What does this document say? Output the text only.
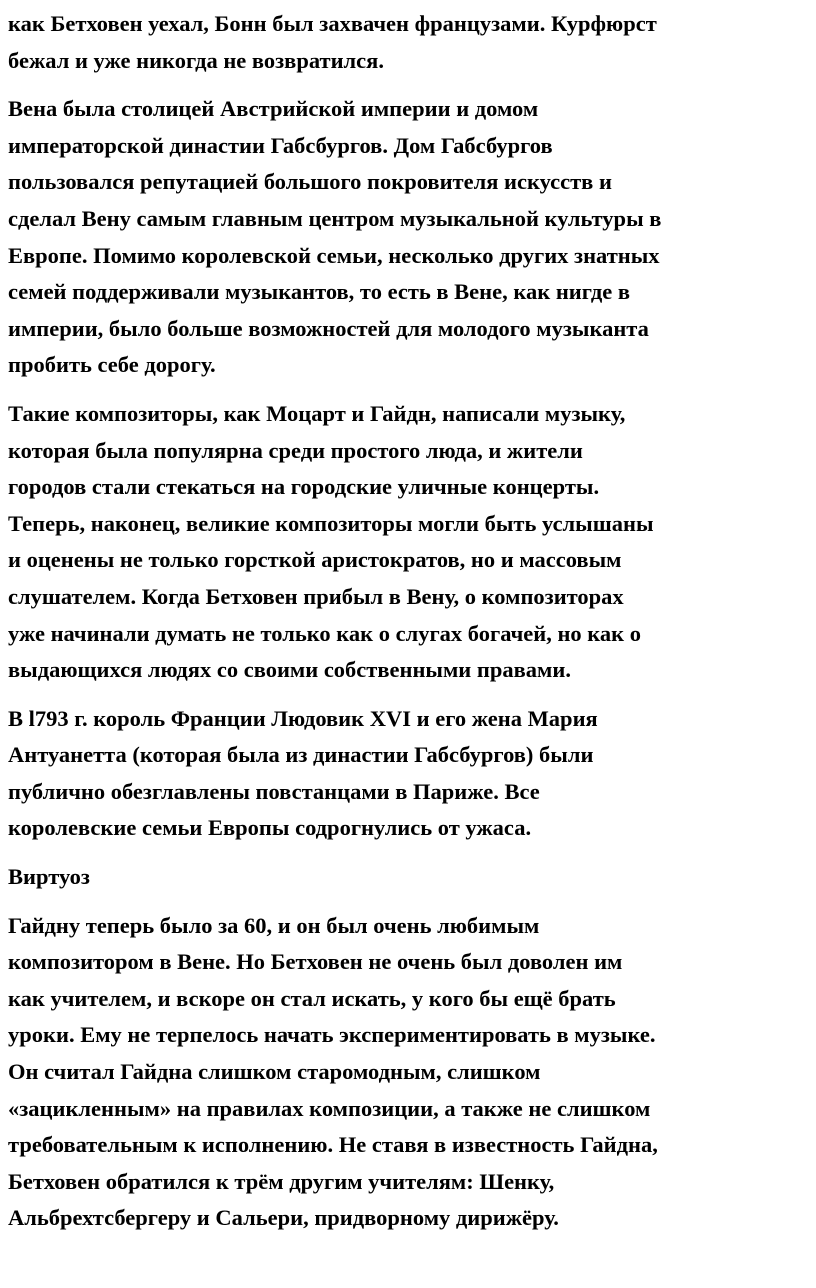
как Бетховен уехал, Бонн был захвачен французами. Курфюрст
бежал и уже никогда не возвратился.

Вена была столицей Австрийской империи и домом
императорской династии Габсбургов. Дом Габсбургов
пользовался репутацией большого покровителя искусств и
сделал Вену самым главным центром музыкальной культуры в
Европе. Помимо королевской семьи, несколько других знатных
семей поддерживали музыкантов, то есть в Вене, как нигде в
империи, было больше возможностей для молодого музыканта
пробить себе дорогу.

Такие композиторы, как Моцарт и Гайдн, написали музыку,
которая была популярна среди простого люда, и жители
городов стали стекаться на городские уличные концерты.
Теперь, наконец, великие композиторы могли быть услышаны
и оценены не только горсткой аристократов, но и массовым
слушателем. Когда Бетховен прибыл в Вену, о композиторах
уже начинали думать не только как о слугах богачей, но как о
выдающихся людях со своими собственными правами.

В l793 г. король Франции Людовик XVI и его жена Мария
Антуанетта (которая была из династии Габсбургов) были
публично обезглавлены повстанцами в Париже. Все
королевские семьи Европы содрогнулись от ужаса.

Виртуоз

Гайдну теперь было за 60, и он был очень любимым
композитором в Вене. Но Бетховен не очень был доволен им
как учителем, и вскоре он стал искать, у кого бы ещё брать
уроки. Ему не терпелось начать экспериментировать в музыке.
Он считал Гайдна слишком старомодным, слишком
«зацикленным» на правилах композиции, а также не слишком
требовательным к исполнению. Не ставя в известность Гайдна,
Бетховен обратился к трём другим учителям: Шенку,
Альбрехтсбергеру и Сальери, придворному дирижёру.
